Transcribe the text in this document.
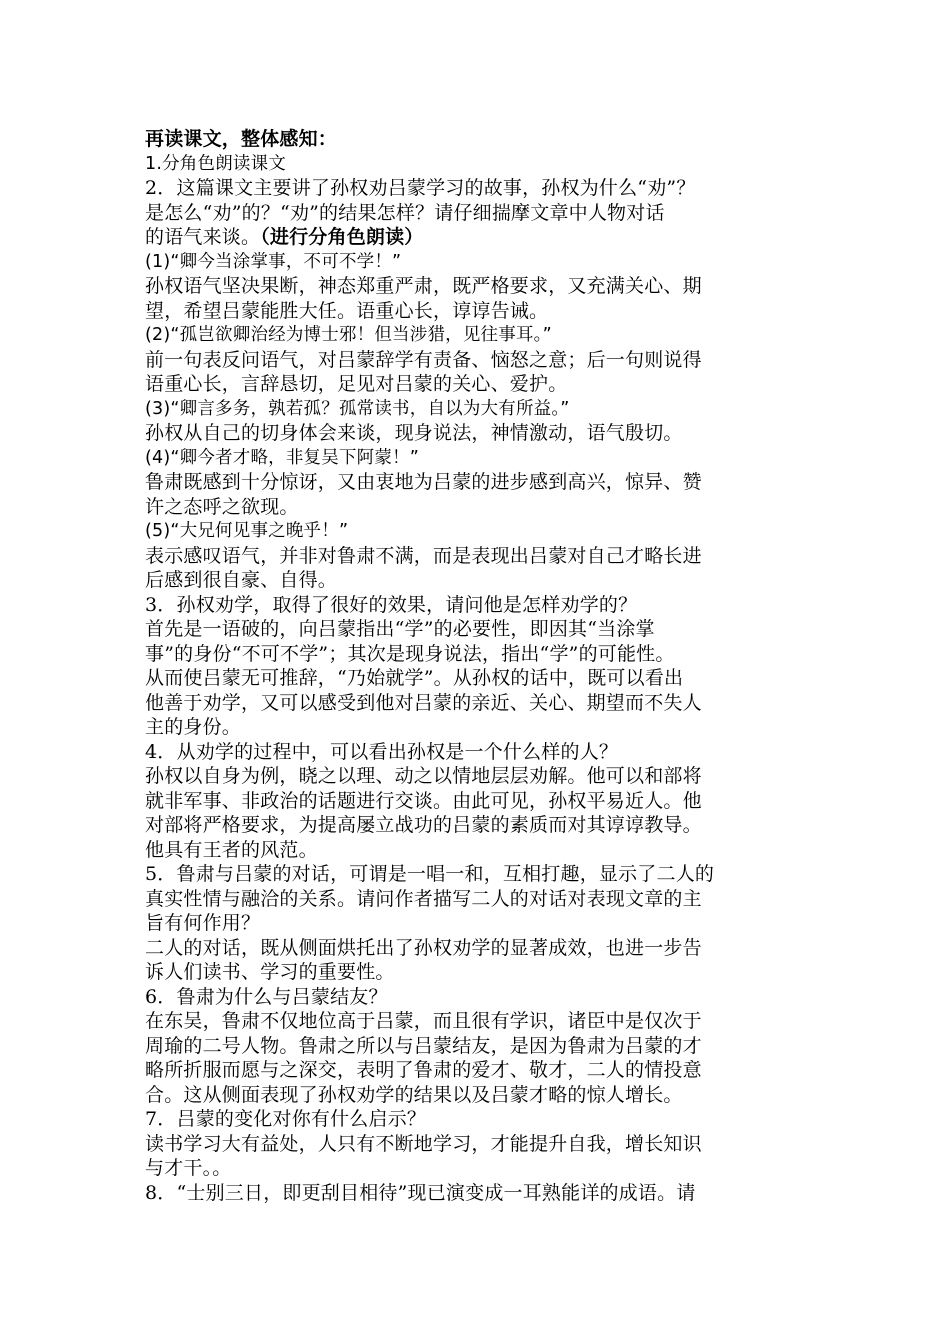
再读课文，整体感知：
1.分角色朗读课文
2．这篇课文主要讲了孙权劝吕蒙学习的故事，孙权为什么“劝”？
是怎么“劝”的？“劝”的结果怎样？请仔细揣摩文章中人物对话
的语气来谈。（进行分角色朗读）
(1)“卿今当涂掌事，不可不学！”
孙权语气坚决果断，神态郑重严肃，既严格要求，又充满关心、期
望，希望吕蒙能胜大任。语重心长，谆谆告诫。
(2)“孤岂欲卿治经为博士邪！但当涉猎，见往事耳。”
前一句表反问语气，对吕蒙辞学有责备、恼怒之意；后一句则说得
语重心长，言辞恳切，足见对吕蒙的关心、爱护。
(3)“卿言多务，孰若孤？孤常读书，自以为大有所益。”
孙权从自己的切身体会来谈，现身说法，神情激动，语气殷切。
(4)“卿今者才略，非复吴下阿蒙！”
鲁肃既感到十分惊讶，又由衷地为吕蒙的进步感到高兴，惊异、赞
许之态呼之欲现。
(5)“大兄何见事之晚乎！”
表示感叹语气，并非对鲁肃不满，而是表现出吕蒙对自己才略长进
后感到很自豪、自得。
3．孙权劝学，取得了很好的效果，请问他是怎样劝学的？
首先是一语破的，向吕蒙指出“学”的必要性，即因其“当涂掌
事”的身份“不可不学”；其次是现身说法，指出“学”的可能性。
从而使吕蒙无可推辞，“乃始就学”。从孙权的话中，既可以看出
他善于劝学，又可以感受到他对吕蒙的亲近、关心、期望而不失人
主的身份。
4．从劝学的过程中，可以看出孙权是一个什么样的人？
孙权以自身为例，晓之以理、动之以情地层层劝解。他可以和部将
就非军事、非政治的话题进行交谈。由此可见，孙权平易近人。他
对部将严格要求，为提高屡立战功的吕蒙的素质而对其谆谆教导。
他具有王者的风范。
5．鲁肃与吕蒙的对话，可谓是一唱一和，互相打趣，显示了二人的
真实性情与融洽的关系。请问作者描写二人的对话对表现文章的主
旨有何作用？
二人的对话，既从侧面烘托出了孙权劝学的显著成效，也进一步告
诉人们读书、学习的重要性。
6．鲁肃为什么与吕蒙结友？
在东吴，鲁肃不仅地位高于吕蒙，而且很有学识，诸臣中是仅次于
周瑜的二号人物。鲁肃之所以与吕蒙结友，是因为鲁肃为吕蒙的才
略所折服而愿与之深交，表明了鲁肃的爱才、敬才，二人的情投意
合。这从侧面表现了孙权劝学的结果以及吕蒙才略的惊人增长。
7．吕蒙的变化对你有什么启示？
读书学习大有益处，人只有不断地学习，才能提升自我，增长知识
与才干。。
8．“士别三日，即更刮目相待”现已演变成一耳熟能详的成语。请
